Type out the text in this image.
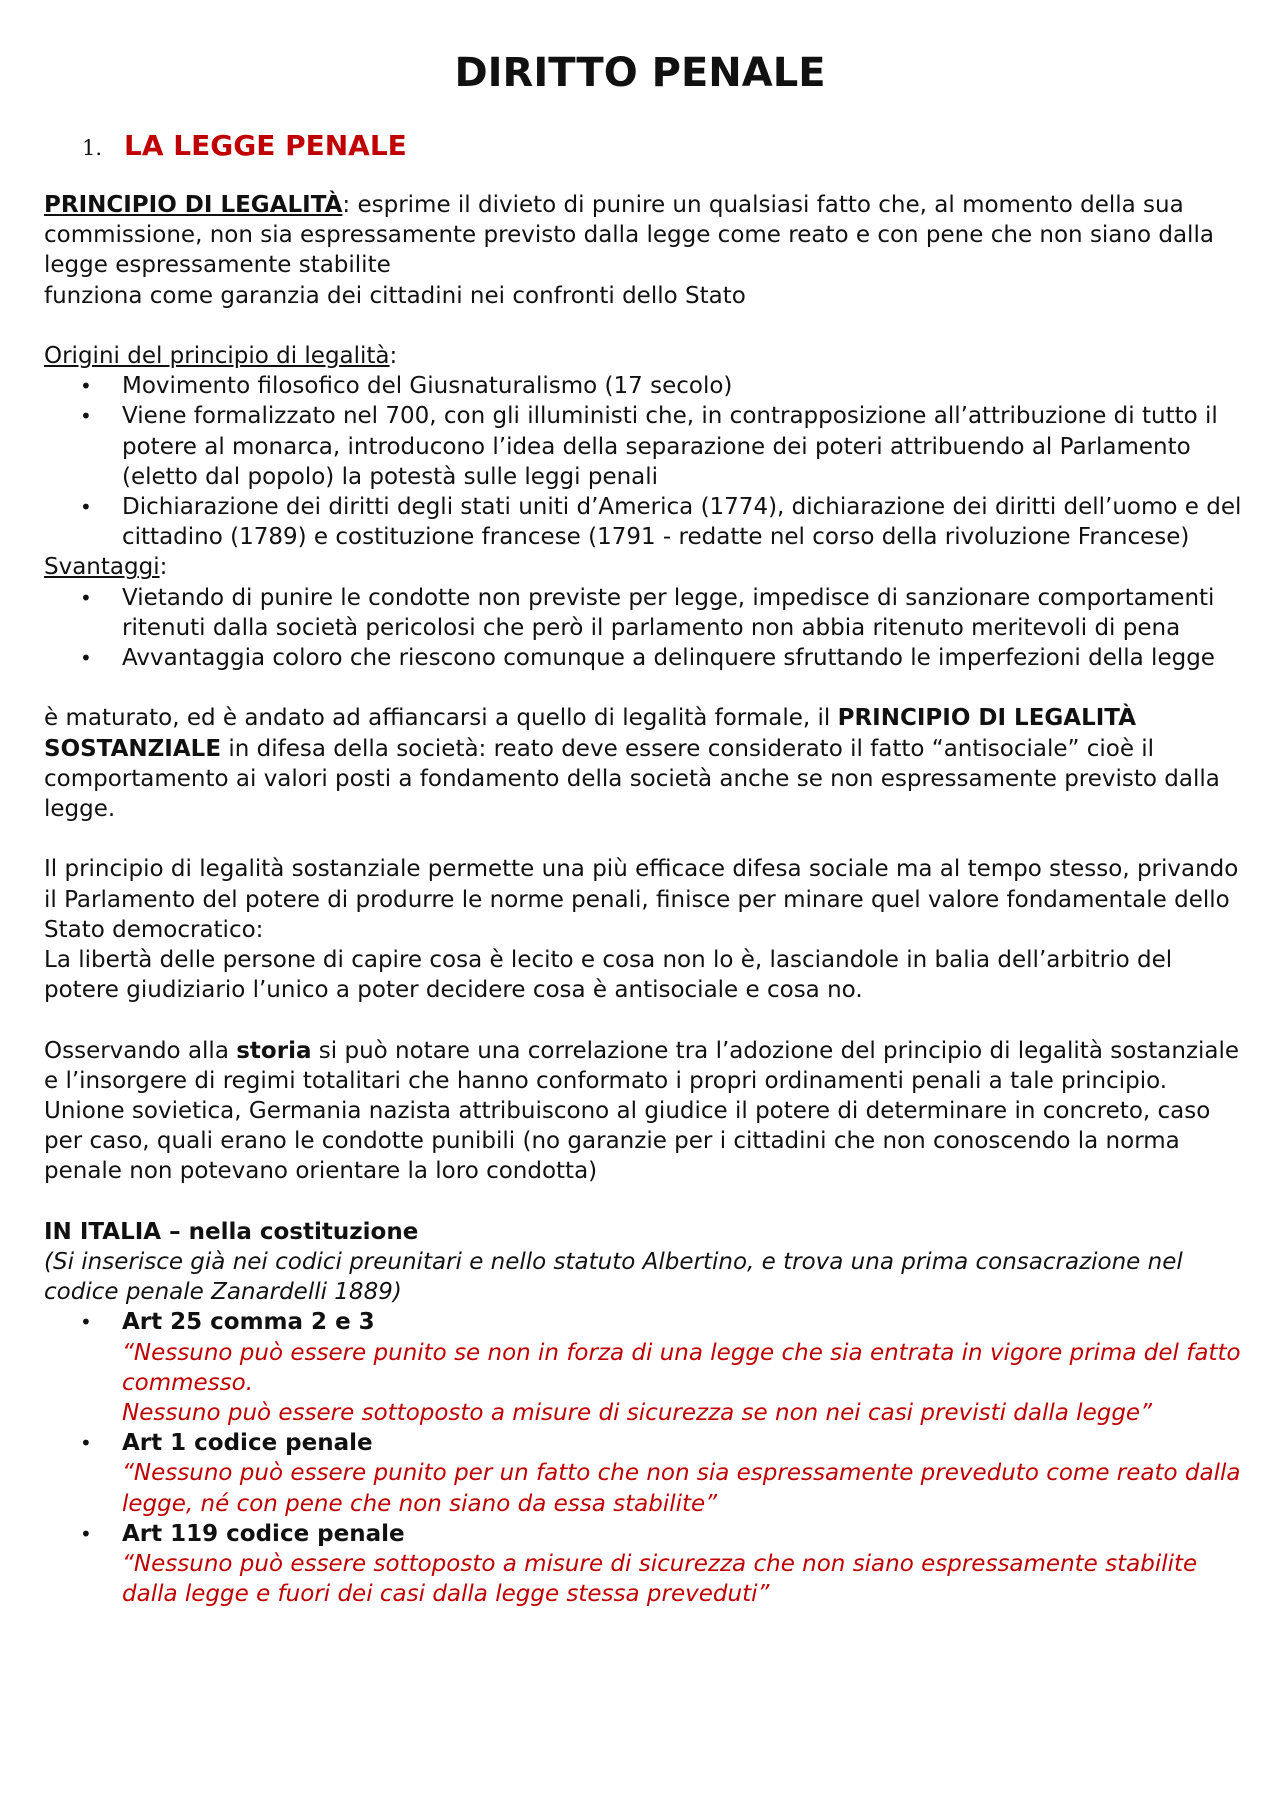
DIRITTO PENALE
1. LA LEGGE PENALE

PRINCIPIO DI LEGALITÀ: esprime il divieto di punire un qualsiasi fatto che, al momento della sua commissione, non sia espressamente previsto dalla legge come reato e con pene che non siano dalla legge espressamente stabilite

funziona come garanzia dei cittadini nei confronti dello Stato

Origini del principio di legalità:

• Movimento filosofico del Giusnaturalismo (17 secolo)
• Viene formalizzato nel 700, con gli illuministi che, in contrapposizione all’attribuzione di tutto il potere al monarca, introducono l’idea della separazione dei poteri attribuendo al Parlamento (eletto dal popolo) la potestà sulle leggi penali
• Dichiarazione dei diritti degli stati uniti d’America (1774), dichiarazione dei diritti dell’uomo e del cittadino (1789) e costituzione francese (1791 - redatte nel corso della rivoluzione Francese)

Svantaggi:

• Vietando di punire le condotte non previste per legge, impedisce di sanzionare comportamenti ritenuti dalla società pericolosi che però il parlamento non abbia ritenuto meritevoli di pena
• Avvantaggia coloro che riescono comunque a delinquere sfruttando le imperfezioni della legge

è maturato, ed è andato ad affiancarsi a quello di legalità formale, il PRINCIPIO DI LEGALITÀ SOSTANZIALE in difesa della società: reato deve essere considerato il fatto “antisociale” cioè il comportamento ai valori posti a fondamento della società anche se non espressamente previsto dalla legge.

Il principio di legalità sostanziale permette una più efficace difesa sociale ma al tempo stesso, privando il Parlamento del potere di produrre le norme penali, finisce per minare quel valore fondamentale dello Stato democratico:

La libertà delle persone di capire cosa è lecito e cosa non lo è, lasciandole in balia dell’arbitrio del potere giudiziario l’unico a poter decidere cosa è antisociale e cosa no.

Osservando alla storia si può notare una correlazione tra l’adozione del principio di legalità sostanziale e l’insorgere di regimi totalitari che hanno conformato i propri ordinamenti penali a tale principio.

Unione sovietica, Germania nazista attribuiscono al giudice il potere di determinare in concreto, caso per caso, quali erano le condotte punibili (no garanzie per i cittadini che non conoscendo la norma penale non potevano orientare la loro condotta)

IN ITALIA – nella costituzione

(Si inserisce già nei codici preunitari e nello statuto Albertino, e trova una prima consacrazione nel codice penale Zanardelli 1889)

• Art 25 comma 2 e 3
“Nessuno può essere punito se non in forza di una legge che sia entrata in vigore prima del fatto commesso.
Nessuno può essere sottoposto a misure di sicurezza se non nei casi previsti dalla legge”
• Art 1 codice penale
“Nessuno può essere punito per un fatto che non sia espressamente preveduto come reato dalla legge, né con pene che non siano da essa stabilite”
• Art 119 codice penale
“Nessuno può essere sottoposto a misure di sicurezza che non siano espressamente stabilite dalla legge e fuori dei casi dalla legge stessa preveduti”
